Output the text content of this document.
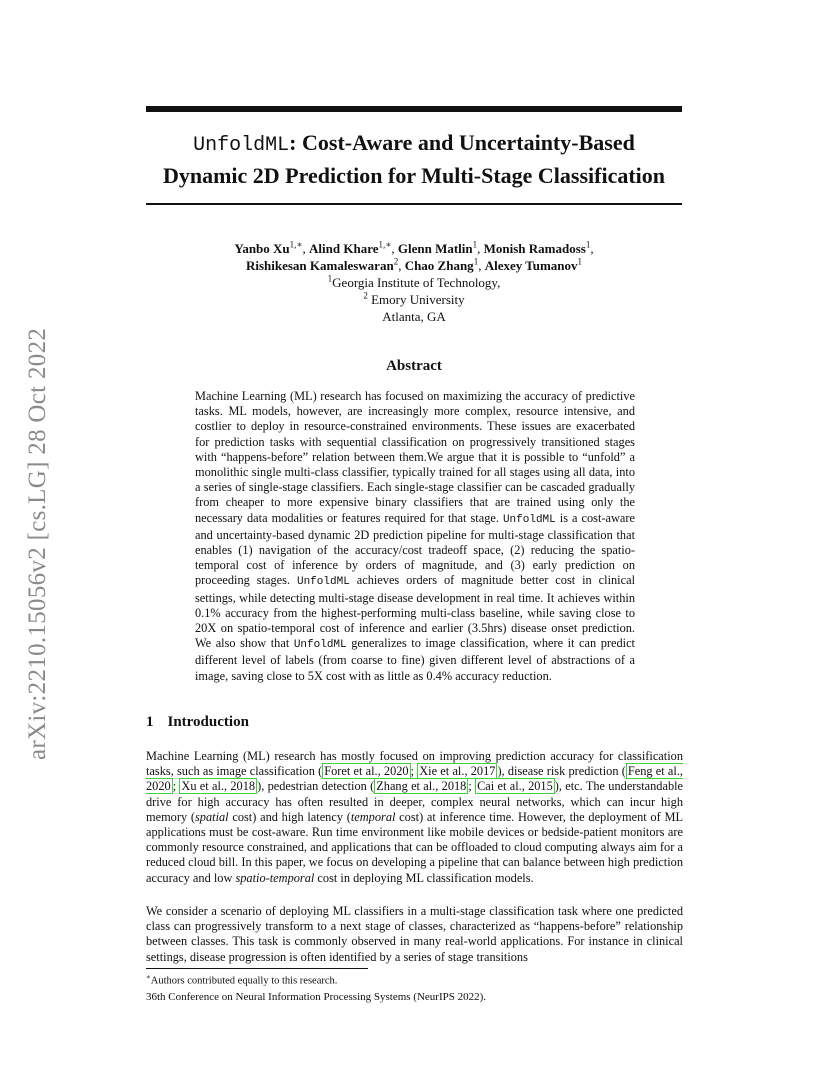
arXiv:2210.15056v2 [cs.LG] 28 Oct 2022
UnfoldML: Cost-Aware and Uncertainty-Based
Dynamic 2D Prediction for Multi-Stage Classification
Yanbo $Xu^{1,∗}$, Alind Khare$^{1,∗}$, Glenn Matlin$^1$, Monish Ramadoss$^1$,
Rishikesan Kamaleswaran$^2$, Chao Zhang$^1$, Alexey Tumanov$^1$
$^1$Georgia Institute of Technology,
$^2$ Emory University
Atlanta, GA
Abstract
Machine Learning (ML) research has focused on maximizing the accuracy of predictive tasks. ML models, however, are increasingly more complex, resource intensive, and costlier to deploy in resource-constrained environments. These issues are exacerbated for prediction tasks with sequential classification on progressively transitioned stages with “happens-before” relation between them.We argue that it is possible to “unfold” a monolithic single multi-class classifier, typically trained for all stages using all data, into a series of single-stage classifiers. Each single-stage classifier can be cascaded gradually from cheaper to more expensive binary classifiers that are trained using only the necessary data modalities or features required for that stage. UnfoldML is a cost-aware and uncertainty-based dynamic 2D prediction pipeline for multi-stage classification that enables (1) navigation of the accuracy/cost tradeoff space, (2) reducing the spatio-temporal cost of inference by orders of magnitude, and (3) early prediction on proceeding stages. UnfoldML achieves orders of magnitude better cost in clinical settings, while detecting multi-stage disease development in real time. It achieves within 0.1% accuracy from the highest-performing multi-class baseline, while saving close to 20X on spatio-temporal cost of inference and earlier (3.5hrs) disease onset prediction. We also show that UnfoldML generalizes to image classification, where it can predict different level of labels (from coarse to fine) given different level of abstractions of a image, saving close to 5X cost with as little as 0.4% accuracy reduction.
1 Introduction
Machine Learning (ML) research has mostly focused on improving prediction accuracy for classification tasks, such as image classification ( Foret et al., 2020 ; Xie et al., 2017 ), disease risk prediction ( Feng et al., 2020 ; Xu et al., 2018 ), pedestrian detection ( Zhang et al., 2018 ; Cai et al., 2015 ), etc. The understandable drive for high accuracy has often resulted in deeper, complex neural networks, which can incur high memory (spatial cost) and high latency (temporal cost) at inference time. However, the deployment of ML applications must be cost-aware. Run time environment like mobile devices or bedside-patient monitors are commonly resource constrained, and applications that can be offloaded to cloud computing always aim for a reduced cloud bill. In this paper, we focus on developing a pipeline that can balance between high prediction accuracy and low spatio-temporal cost in deploying ML classification models.
We consider a scenario of deploying ML classifiers in a multi-stage classification task where one predicted class can progressively transform to a next stage of classes, characterized as “happens-before” relationship between classes. This task is commonly observed in many real-world applications. For instance in clinical settings, disease progression is often identified by a series of stage transitions
∗Authors contributed equally to this research.
36th Conference on Neural Information Processing Systems (NeurIPS 2022).
